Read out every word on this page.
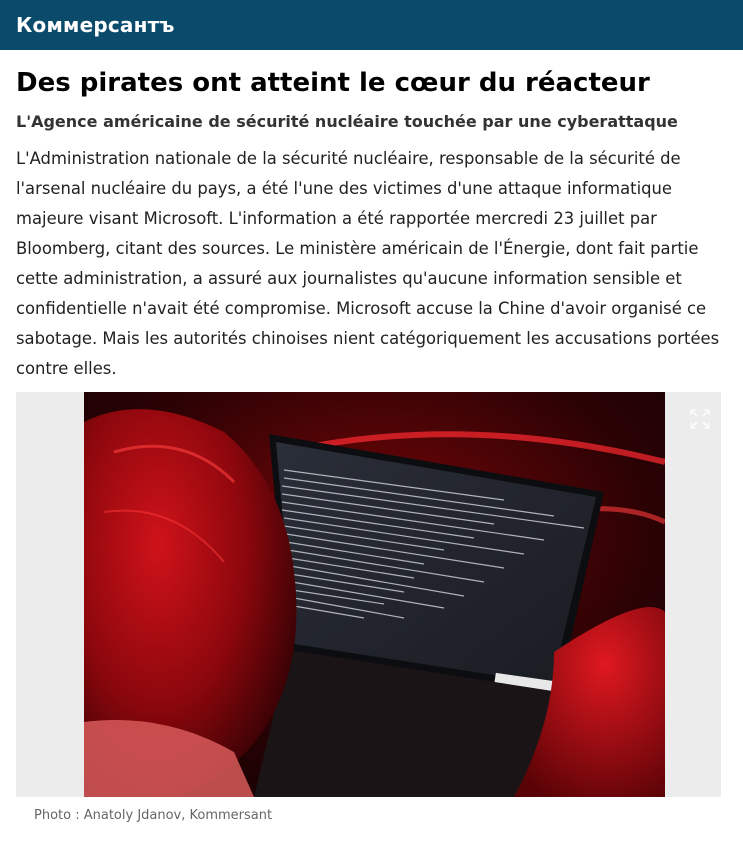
Коммерсантъ
Des pirates ont atteint le cœur du réacteur
L'Agence américaine de sécurité nucléaire touchée par une cyberattaque

L'Administration nationale de la sécurité nucléaire, responsable de la sécurité de l'arsenal nucléaire du pays, a été l'une des victimes d'une attaque informatique majeure visant Microsoft. L'information a été rapportée mercredi 23 juillet par Bloomberg, citant des sources. Le ministère américain de l'Énergie, dont fait partie cette administration, a assuré aux journalistes qu'aucune information sensible et confidentielle n'avait été compromise. Microsoft accuse la Chine d'avoir organisé ce sabotage. Mais les autorités chinoises nient catégoriquement les accusations portées contre elles.

Photo : Anatoly Jdanov, Kommersant
